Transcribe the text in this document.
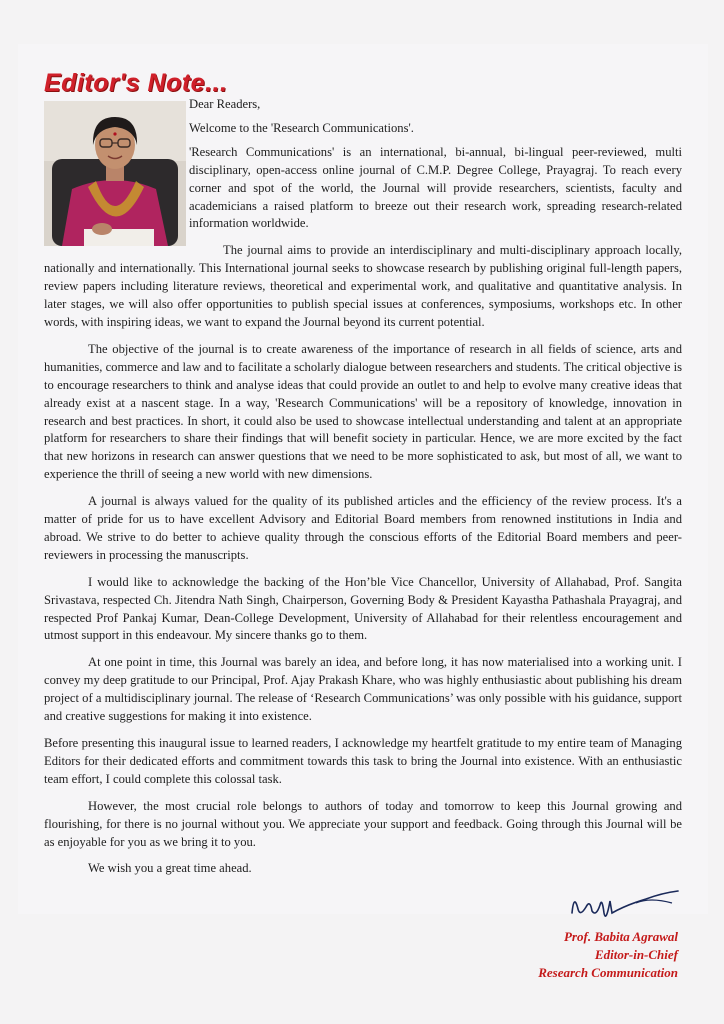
Editor's Note...

Dear Readers,

Welcome to the 'Research Communications'.

'Research Communications' is an international, bi-annual, bi-lingual peer-reviewed, multi disciplinary, open-access online journal of C.M.P. Degree College, Prayagraj. To reach every corner and spot of the world, the Journal will provide researchers, scientists, faculty and academicians a raised platform to breeze out their research work, spreading research-related information worldwide.

The journal aims to provide an interdisciplinary and multi-disciplinary approach locally, nationally and internationally. This International journal seeks to showcase research by publishing original full-length papers, review papers including literature reviews, theoretical and experimental work, and qualitative and quantitative analysis. In later stages, we will also offer opportunities to publish special issues at conferences, symposiums, workshops etc. In other words, with inspiring ideas, we want to expand the Journal beyond its current potential.

The objective of the journal is to create awareness of the importance of research in all fields of science, arts and humanities, commerce and law and to facilitate a scholarly dialogue between researchers and students. The critical objective is to encourage researchers to think and analyse ideas that could provide an outlet to and help to evolve many creative ideas that already exist at a nascent stage. In a way, 'Research Communications' will be a repository of knowledge, innovation in research and best practices. In short, it could also be used to showcase intellectual understanding and talent at an appropriate platform for researchers to share their findings that will benefit society in particular. Hence, we are more excited by the fact that new horizons in research can answer questions that we need to be more sophisticated to ask, but most of all, we want to experience the thrill of seeing a new world with new dimensions.

A journal is always valued for the quality of its published articles and the efficiency of the review process. It's a matter of pride for us to have excellent Advisory and Editorial Board members from renowned institutions in India and abroad. We strive to do better to achieve quality through the conscious efforts of the Editorial Board members and peer-reviewers in processing the manuscripts.

I would like to acknowledge the backing of the Hon’ble Vice Chancellor, University of Allahabad, Prof. Sangita Srivastava, respected Ch. Jitendra Nath Singh, Chairperson, Governing Body & President Kayastha Pathashala Prayagraj, and respected Prof Pankaj Kumar, Dean-College Development, University of Allahabad for their relentless encouragement and utmost support in this endeavour. My sincere thanks go to them.

At one point in time, this Journal was barely an idea, and before long, it has now materialised into a working unit. I convey my deep gratitude to our Principal, Prof. Ajay Prakash Khare, who was highly enthusiastic about publishing his dream project of a multidisciplinary journal. The release of ‘Research Communications’ was only possible with his guidance, support and creative suggestions for making it into existence.

Before presenting this inaugural issue to learned readers, I acknowledge my heartfelt gratitude to my entire team of Managing Editors for their dedicated efforts and commitment towards this task to bring the Journal into existence. With an enthusiastic team effort, I could complete this colossal task.

However, the most crucial role belongs to authors of today and tomorrow to keep this Journal growing and flourishing, for there is no journal without you. We appreciate your support and feedback. Going through this Journal will be as enjoyable for you as we bring it to you.

We wish you a great time ahead.

Prof. Babita Agrawal
Editor-in-Chief
Research Communication
